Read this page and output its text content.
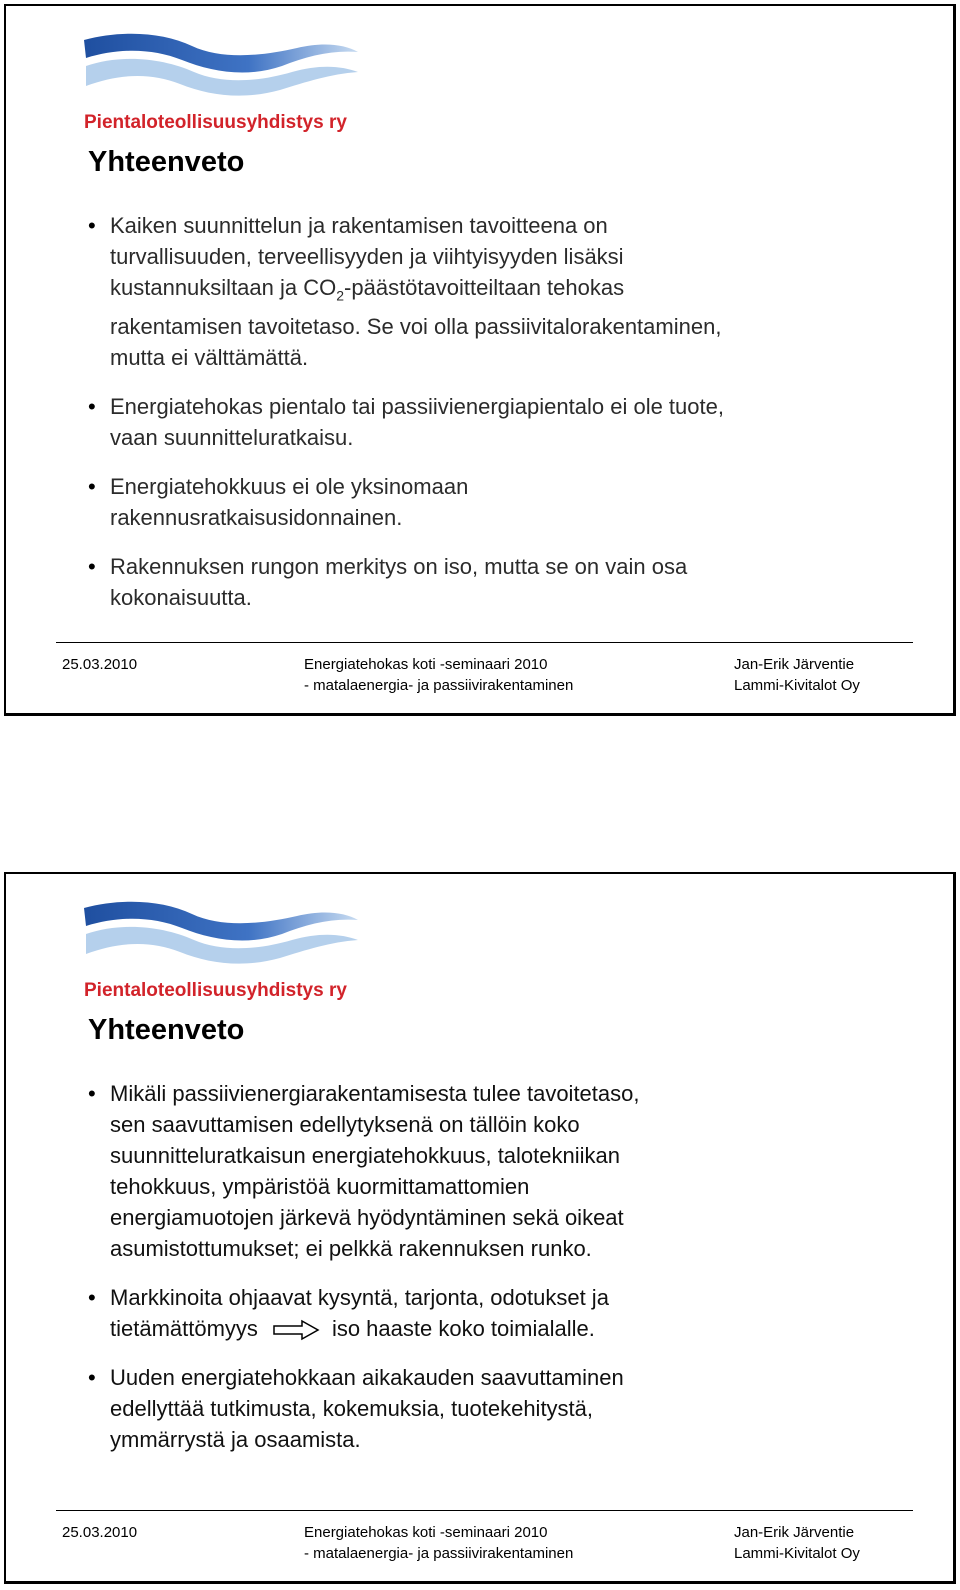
Pientaloteollisuusyhdistys ry

Yhteenveto
• Kaiken suunnittelun ja rakentamisen tavoitteena on
turvallisuuden, terveellisyyden ja viihtyisyyden lisäksi
kustannuksiltaan ja $CO_2$-päästötavoitteiltaan tehokas
rakentamisen tavoitetaso. Se voi olla passiivitalorakentaminen,
mutta ei välttämättä.
• Energiatehokas pientalo tai passiivienergiapientalo ei ole tuote,
vaan suunnitteluratkaisu.
• Energiatehokkuus ei ole yksinomaan
rakennusratkaisusidonnainen.
• Rakennuksen rungon merkitys on iso, mutta se on vain osa
kokonaisuutta.
25.03.2010	Energiatehokas koti -seminaari 2010
- matalaenergia- ja passiivirakentaminen
Jan-Erik Järventie
Lammi-Kivitalot Oy

Pientaloteollisuusyhdistys ry

Yhteenveto
• Mikäli passiivienergiarakentamisesta tulee tavoitetaso,
sen saavuttamisen edellytyksenä on tällöin koko
suunnitteluratkaisun energiatehokkuus, talotekniikan
tehokkuus, ympäristöä kuormittamattomien
energiamuotojen järkevä hyödyntäminen sekä oikeat
asumistottumukset; ei pelkkä rakennuksen runko.
• Markkinoita ohjaavat kysyntä, tarjonta, odotukset ja
tietämättömyys	iso haaste koko toimialalle.
• Uuden energiatehokkaan aikakauden saavuttaminen
edellyttää tutkimusta, kokemuksia, tuotekehitystä,
ymmärrystä ja osaamista.
25.03.2010	Energiatehokas koti -seminaari 2010
- matalaenergia- ja passiivirakentaminen
Jan-Erik Järventie
Lammi-Kivitalot Oy
